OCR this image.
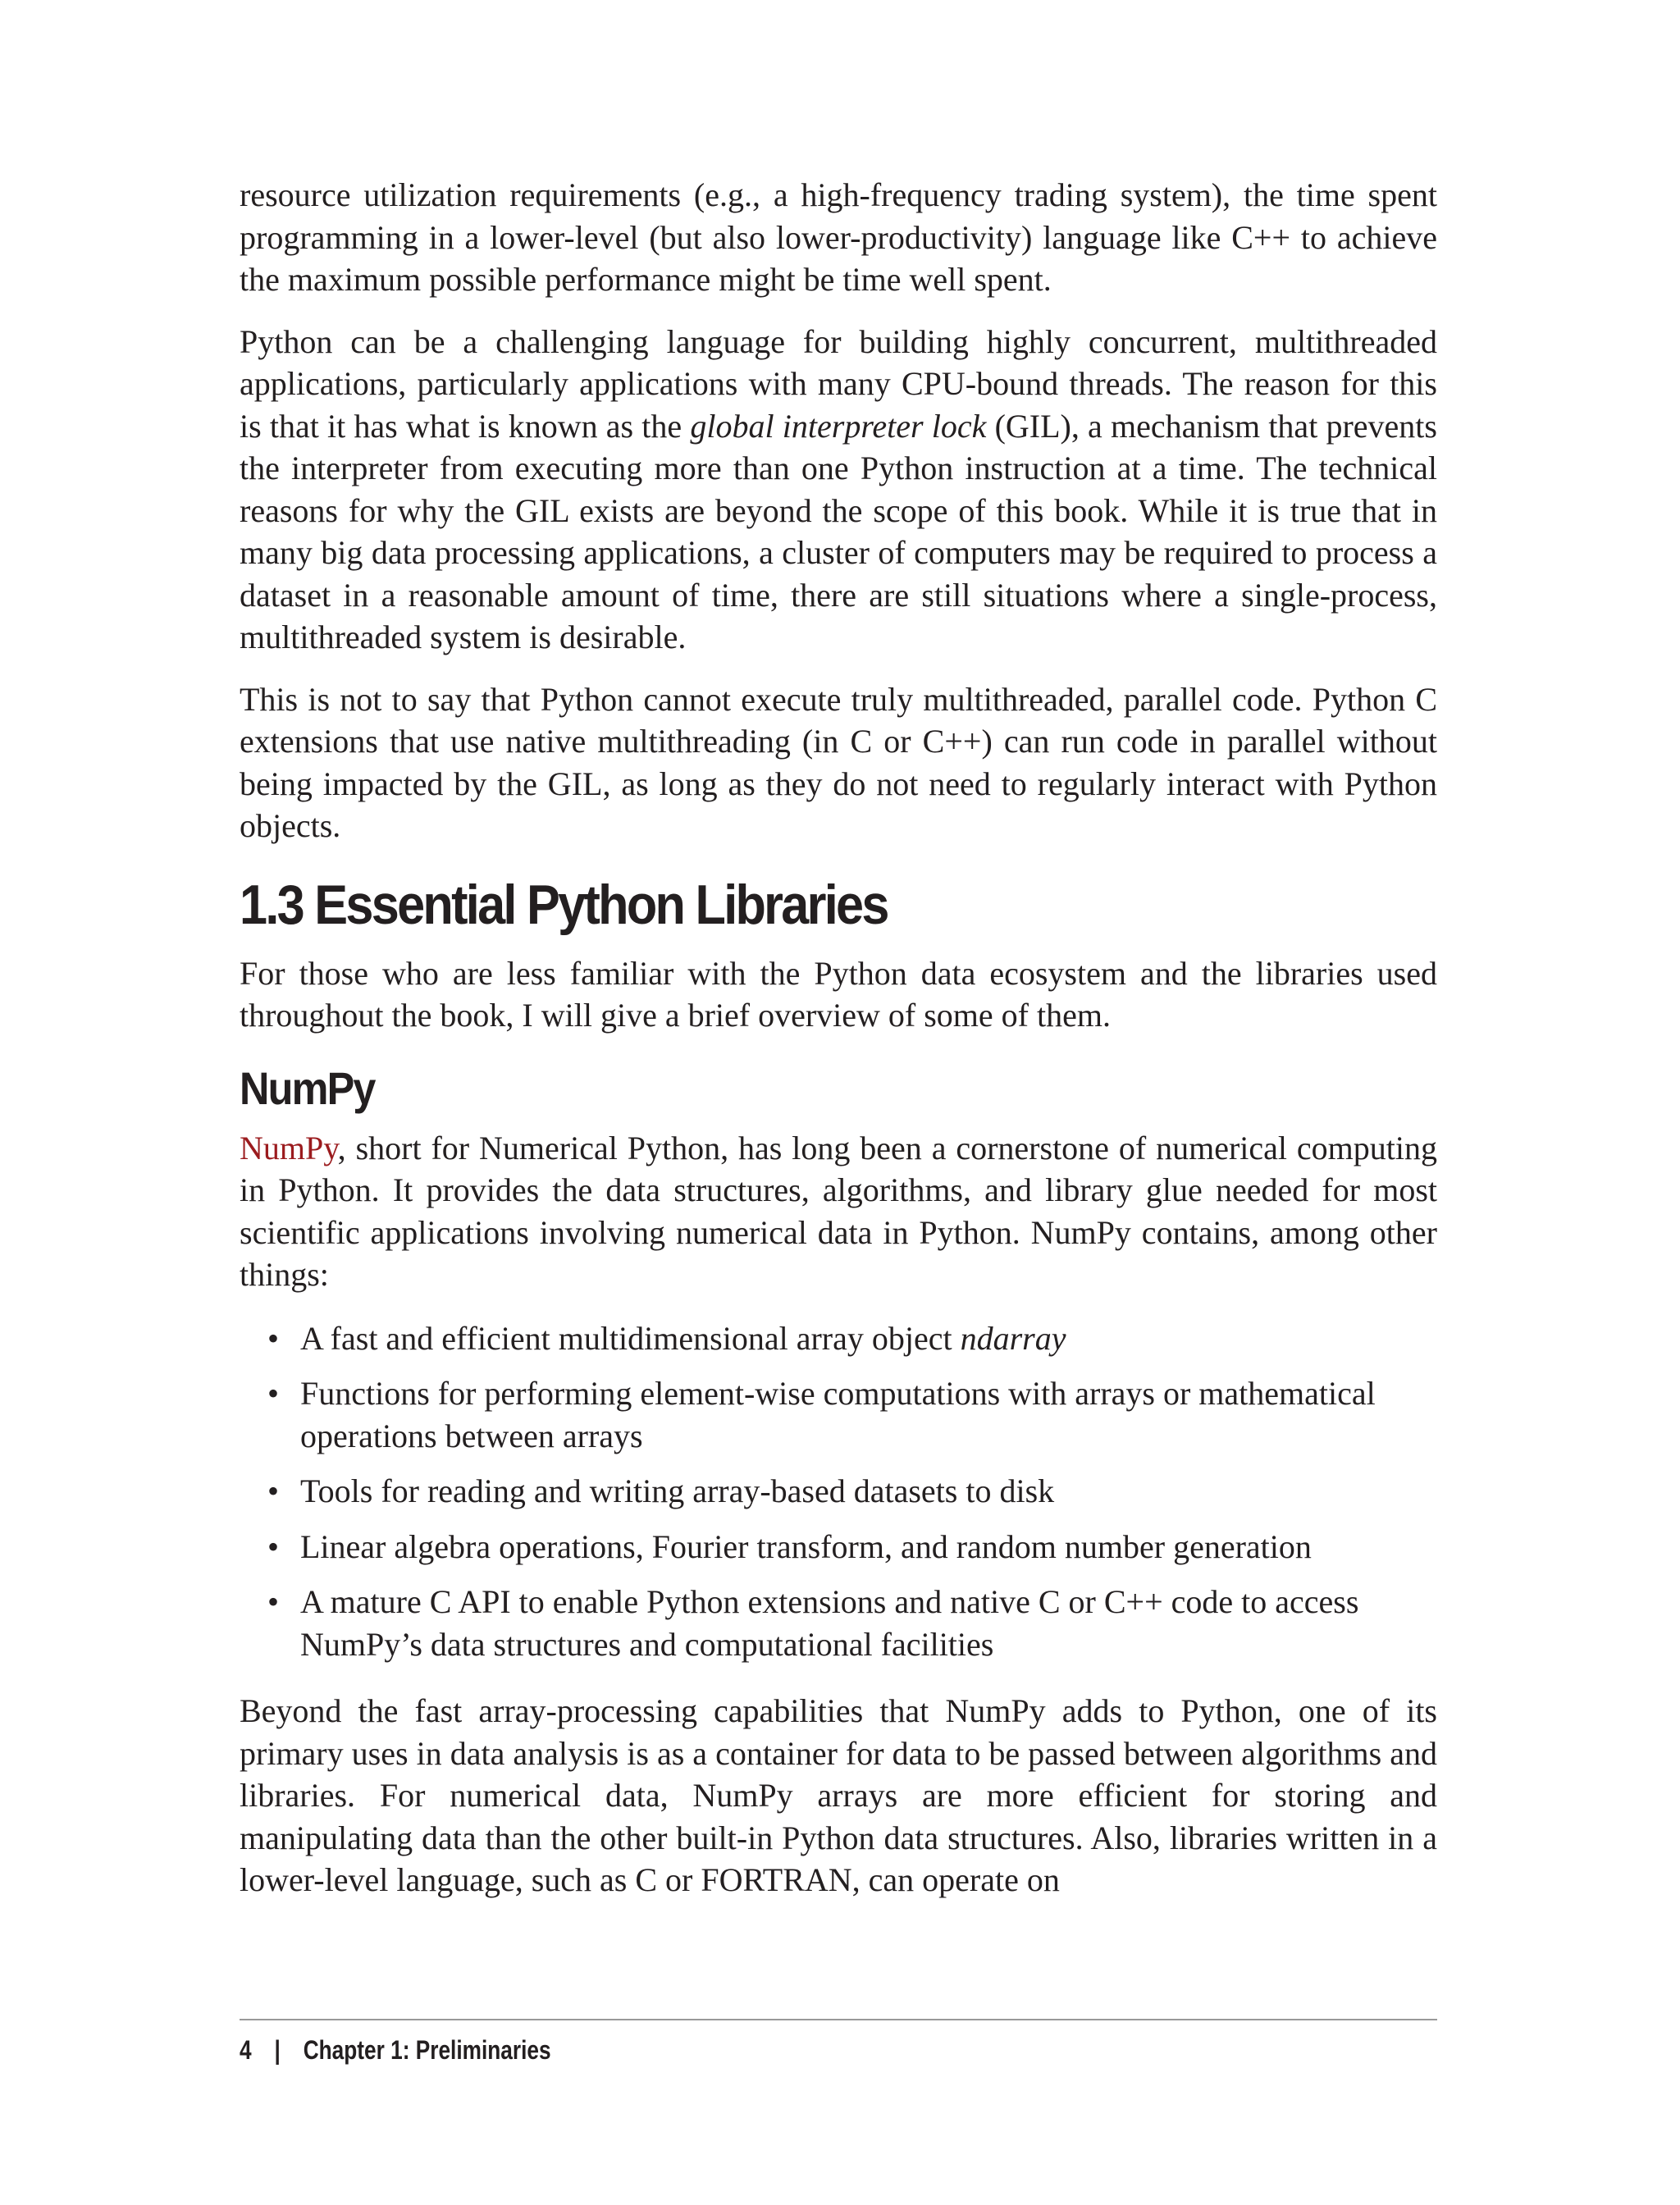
resource utilization requirements (e.g., a high-frequency trading system), the time spent programming in a lower-level (but also lower-productivity) language like C++ to achieve the maximum possible performance might be time well spent.

Python can be a challenging language for building highly concurrent, multithreaded applications, particularly applications with many CPU-bound threads. The reason for this is that it has what is known as the global interpreter lock (GIL), a mechanism that prevents the interpreter from executing more than one Python instruction at a time. The technical reasons for why the GIL exists are beyond the scope of this book. While it is true that in many big data processing applications, a cluster of computers may be required to process a dataset in a reasonable amount of time, there are still situations where a single-process, multithreaded system is desirable.

This is not to say that Python cannot execute truly multithreaded, parallel code. Python C extensions that use native multithreading (in C or C++) can run code in parallel without being impacted by the GIL, as long as they do not need to regularly interact with Python objects.

1.3 Essential Python Libraries

For those who are less familiar with the Python data ecosystem and the libraries used throughout the book, I will give a brief overview of some of them.

NumPy

NumPy, short for Numerical Python, has long been a cornerstone of numerical computing in Python. It provides the data structures, algorithms, and library glue needed for most scientific applications involving numerical data in Python. NumPy contains, among other things:

• A fast and efficient multidimensional array object ndarray
• Functions for performing element-wise computations with arrays or mathematical operations between arrays
• Tools for reading and writing array-based datasets to disk
• Linear algebra operations, Fourier transform, and random number generation
• A mature C API to enable Python extensions and native C or C++ code to access NumPy’s data structures and computational facilities

Beyond the fast array-processing capabilities that NumPy adds to Python, one of its primary uses in data analysis is as a container for data to be passed between algorithms and libraries. For numerical data, NumPy arrays are more efficient for storing and manipulating data than the other built-in Python data structures. Also, libraries written in a lower-level language, such as C or FORTRAN, can operate on

4 | Chapter 1: Preliminaries
